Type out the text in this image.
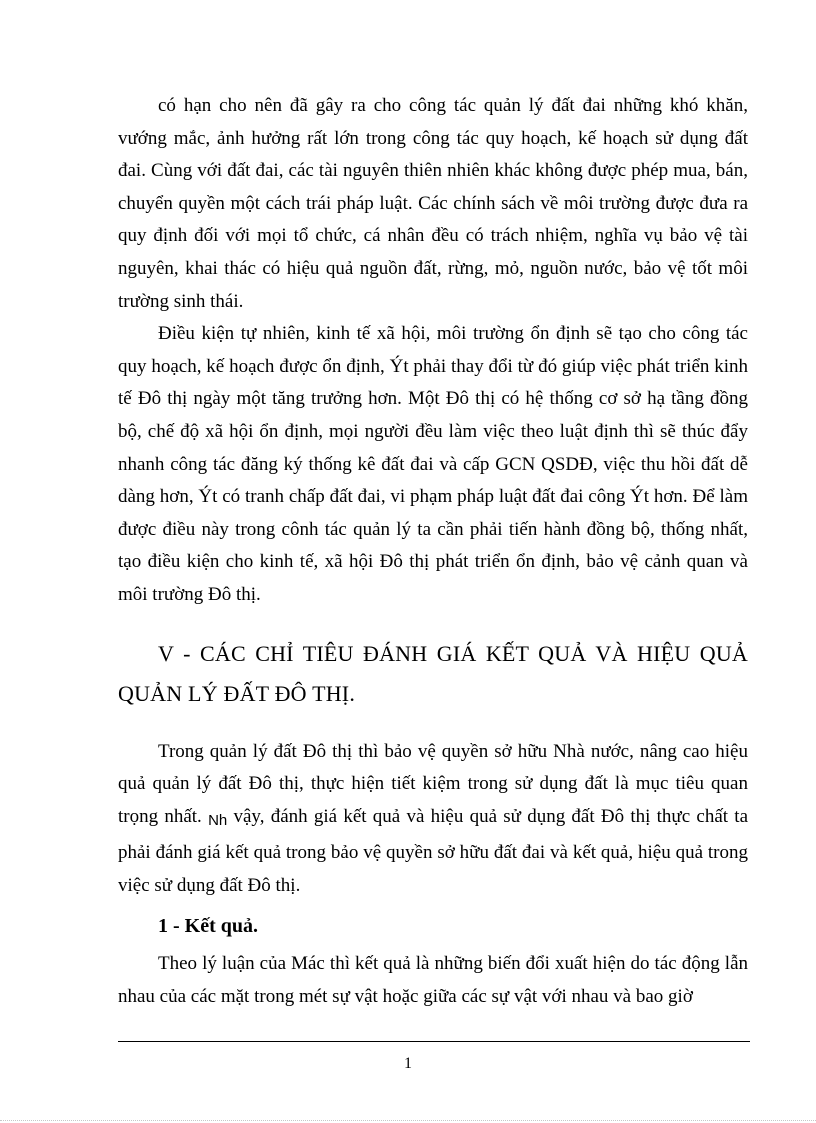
có hạn cho nên đã gây ra cho công tác quản lý đất đai những khó khăn, vướng mắc, ảnh hưởng rất lớn trong công tác quy hoạch, kế hoạch sử dụng đất đai. Cùng với đất đai, các tài nguyên thiên nhiên khác không được phép mua, bán, chuyển quyền một cách trái pháp luật. Các chính sách về môi trường được đưa ra quy định đối với mọi tổ chức, cá nhân đều có trách nhiệm, nghĩa vụ bảo vệ tài nguyên, khai thác có hiệu quả nguồn đất, rừng, mỏ, nguồn nước, bảo vệ tốt môi trường sinh thái.

Điều kiện tự nhiên, kinh tế xã hội, môi trường ổn định sẽ tạo cho công tác quy hoạch, kế hoạch được ổn định, Ýt phải thay đổi từ đó giúp việc phát triển kinh tế Đô thị ngày một tăng trưởng hơn. Một Đô thị có hệ thống cơ sở hạ tầng đồng bộ, chế độ xã hội ổn định, mọi người đều làm việc theo luật định thì sẽ thúc đẩy nhanh công tác đăng ký thống kê đất đai và cấp GCN QSDĐ, việc thu hồi đất dễ dàng hơn, Ýt có tranh chấp đất đai, vi phạm pháp luật đất đai công Ýt hơn. Để làm được điều này trong cônh tác quản lý ta cần phải tiến hành đồng bộ, thống nhất, tạo điều kiện cho kinh tế, xã hội Đô thị phát triển ổn định, bảo vệ cảnh quan và môi trường Đô thị.

V - CÁC CHỈ TIÊU ĐÁNH GIÁ KẾT QUẢ VÀ HIỆU QUẢ QUẢN LÝ ĐẤT ĐÔ THỊ.

Trong quản lý đất Đô thị thì bảo vệ quyền sở hữu Nhà nước, nâng cao hiệu quả quản lý đất Đô thị, thực hiện tiết kiệm trong sử dụng đất là mục tiêu quan trọng nhất. Nh vậy, đánh giá kết quả và hiệu quả sử dụng đất Đô thị thực chất ta phải đánh giá kết quả trong bảo vệ quyền sở hữu đất đai và kết quả, hiệu quả trong việc sử dụng đất Đô thị.

1 - Kết quả.

Theo lý luận của Mác thì kết quả là những biến đổi xuất hiện do tác động lẫn nhau của các mặt trong mét sự vật hoặc giữa các sự vật với nhau và bao giờ

1
